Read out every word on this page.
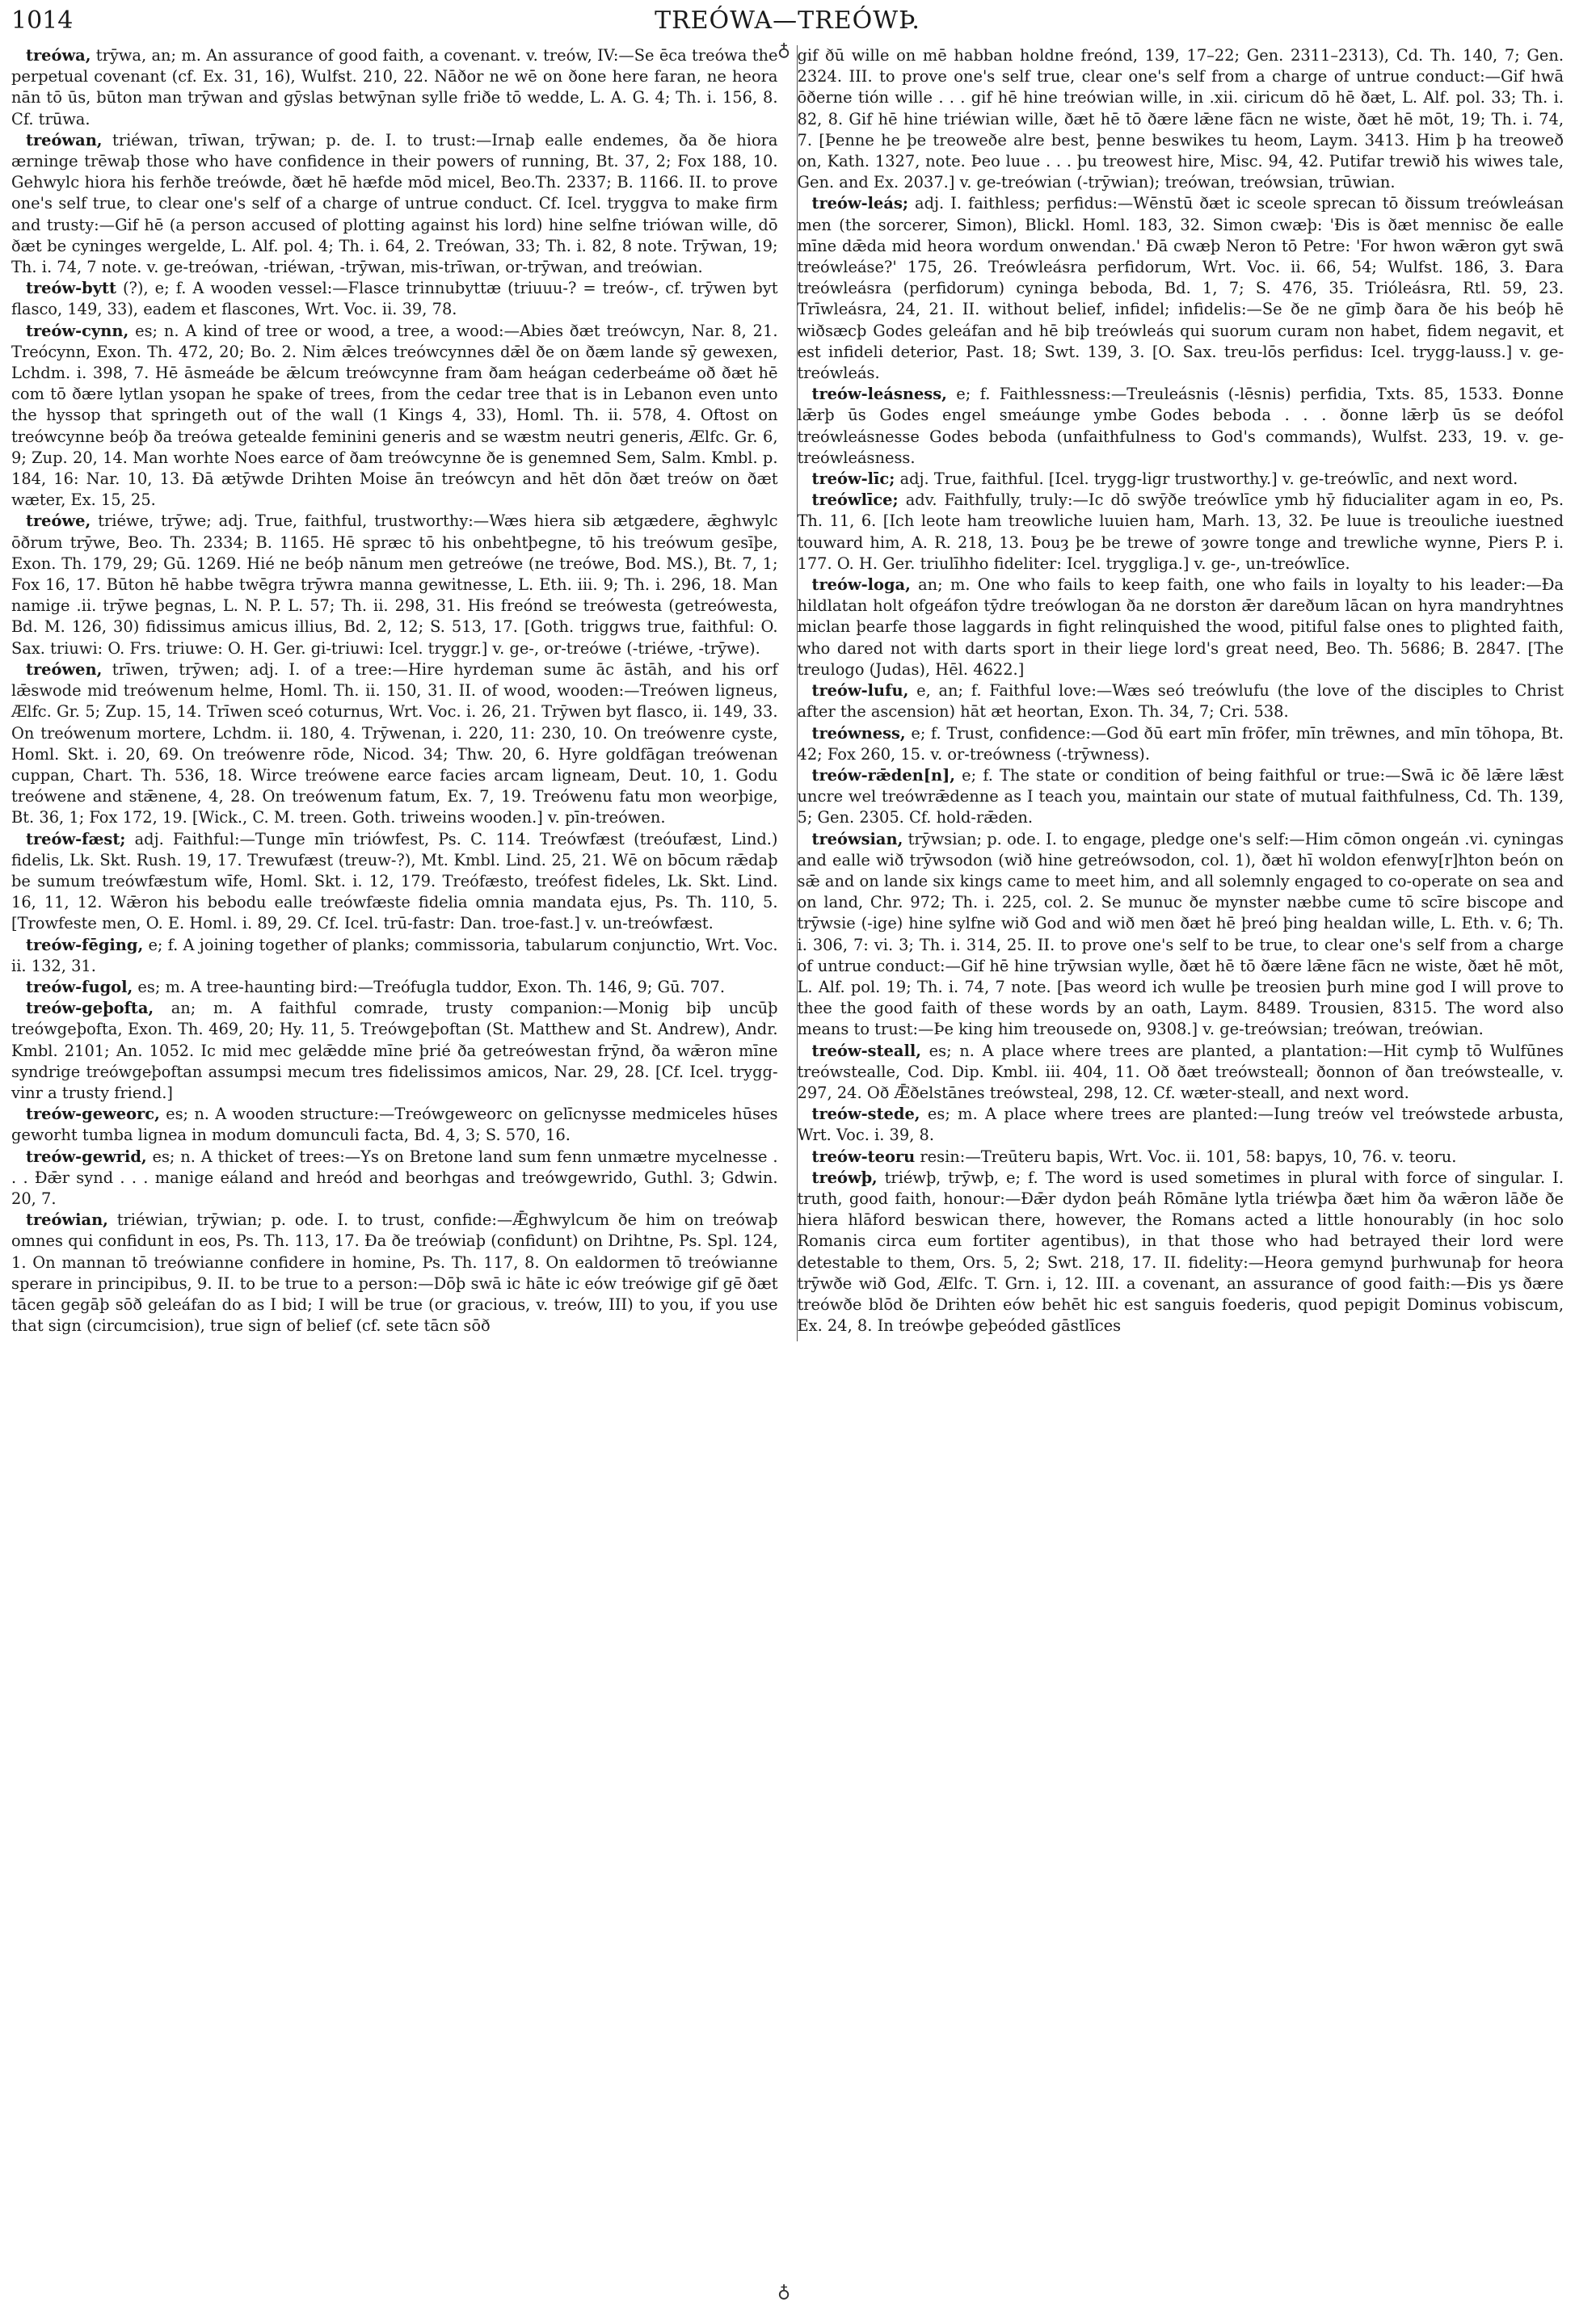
1014	TREÓWA—TREÓWÞ.
♁

treówa, trȳwa, an; m. An assurance of good faith, a covenant. v. treów, IV:—Se ēca treówa the perpetual covenant (cf. Ex. 31, 16), Wulfst. 210, 22. Nāðor ne wē on ðone here faran, ne heora nān tō ūs, būton man trȳwan and gȳslas betwȳnan sylle friðe tō wedde, L. A. G. 4; Th. i. 156, 8. Cf. trūwa.

treówan, triéwan, trīwan, trȳwan; p. de. I. to trust:—Irnaþ ealle endemes, ða ðe hiora ærninge trēwaþ those who have confidence in their powers of running, Bt. 37, 2; Fox 188, 10. Gehwylc hiora his ferhðe treówde, ðæt hē hæfde mōd micel, Beo.Th. 2337; B. 1166. II. to prove one's self true, to clear one's self of a charge of untrue conduct. Cf. Icel. tryggva to make firm and trusty:—Gif hē (a person accused of plotting against his lord) hine selfne triówan wille, dō ðæt be cyninges wergelde, L. Alf. pol. 4; Th. i. 64, 2. Treówan, 33; Th. i. 82, 8 note. Trȳwan, 19; Th. i. 74, 7 note. v. ge-treówan, -triéwan, -trȳwan, mis-trīwan, or-trȳwan, and treówian.

treów-bytt (?), e; f. A wooden vessel:—Flasce trinnubyttæ (triuuu-? = treów-, cf. trȳwen byt flasco, 149, 33), eadem et flascones, Wrt. Voc. ii. 39, 78.

treów-cynn, es; n. A kind of tree or wood, a tree, a wood:—Abies ðæt treówcyn, Nar. 8, 21. Treócynn, Exon. Th. 472, 20; Bo. 2. Nim ǣlces treówcynnes dǣl ðe on ðæm lande sȳ gewexen, Lchdm. i. 398, 7. Hē āsmeáde be ǣlcum treówcynne fram ðam heágan cederbeáme oð ðæt hē com tō ðære lytlan ysopan he spake of trees, from the cedar tree that is in Lebanon even unto the hyssop that springeth out of the wall (1 Kings 4, 33), Homl. Th. ii. 578, 4. Oftost on treówcynne beóþ ða treówa getealde feminini generis and se wæstm neutri generis, Ælfc. Gr. 6, 9; Zup. 20, 14. Man worhte Noes earce of ðam treówcynne ðe is genemned Sem, Salm. Kmbl. p. 184, 16: Nar. 10, 13. Ðā ætȳwde Drihten Moise ān treówcyn and hēt dōn ðæt treów on ðæt wæter, Ex. 15, 25.

treówe, triéwe, trȳwe; adj. True, faithful, trustworthy:—Wæs hiera sib ætgædere, ǣghwylc ōðrum trȳwe, Beo. Th. 2334; B. 1165. Hē spræc tō his onbehtþegne, tō his treówum gesīþe, Exon. Th. 179, 29; Gū. 1269. Hié ne beóþ nānum men getreówe (ne treówe, Bod. MS.), Bt. 7, 1; Fox 16, 17. Būton hē habbe twēgra trȳwra manna gewitnesse, L. Eth. iii. 9; Th. i. 296, 18. Man namige .ii. trȳwe þegnas, L. N. P. L. 57; Th. ii. 298, 31. His freónd se treówesta (getreówesta, Bd. M. 126, 30) fidissimus amicus illius, Bd. 2, 12; S. 513, 17. [Goth. triggws true, faithful: O. Sax. triuwi: O. Frs. triuwe: O. H. Ger. gi-triuwi: Icel. tryggr.] v. ge-, or-treówe (-triéwe, -trȳwe).

treówen, trīwen, trȳwen; adj. I. of a tree:—Hire hyrdeman sume āc āstāh, and his orf lǣswode mid treówenum helme, Homl. Th. ii. 150, 31. II. of wood, wooden:—Treówen ligneus, Ælfc. Gr. 5; Zup. 15, 14. Trīwen sceó coturnus, Wrt. Voc. i. 26, 21. Trȳwen byt flasco, ii. 149, 33. On treówenum mortere, Lchdm. ii. 180, 4. Trȳwenan, i. 220, 11: 230, 10. On treówenre cyste, Homl. Skt. i. 20, 69. On treówenre rōde, Nicod. 34; Thw. 20, 6. Hyre goldfāgan treówenan cuppan, Chart. Th. 536, 18. Wirce treówene earce facies arcam ligneam, Deut. 10, 1. Godu treówene and stǣnene, 4, 28. On treówenum fatum, Ex. 7, 19. Treówenu fatu mon weorþige, Bt. 36, 1; Fox 172, 19. [Wick., C. M. treen. Goth. triweins wooden.] v. pīn-treówen.

treów-fæst; adj. Faithful:—Tunge mīn triówfest, Ps. C. 114. Treówfæst (treóufæst, Lind.) fidelis, Lk. Skt. Rush. 19, 17. Trewufæst (treuw-?), Mt. Kmbl. Lind. 25, 21. Wē on bōcum rǣdaþ be sumum treówfæstum wīfe, Homl. Skt. i. 12, 179. Treófæsto, treófest fideles, Lk. Skt. Lind. 16, 11, 12. Wǣron his bebodu ealle treówfæste fidelia omnia mandata ejus, Ps. Th. 110, 5. [Trowfeste men, O. E. Homl. i. 89, 29. Cf. Icel. trū-fastr: Dan. troe-fast.] v. un-treówfæst.

treów-fēging, e; f. A joining together of planks; commissoria, tabularum conjunctio, Wrt. Voc. ii. 132, 31.

treów-fugol, es; m. A tree-haunting bird:—Treófugla tuddor, Exon. Th. 146, 9; Gū. 707.

treów-geþofta, an; m. A faithful comrade, trusty companion:—Monig biþ uncūþ treówgeþofta, Exon. Th. 469, 20; Hy. 11, 5. Treówgeþoftan (St. Matthew and St. Andrew), Andr. Kmbl. 2101; An. 1052. Ic mid mec gelǣdde mīne þrié ða getreówestan frȳnd, ða wǣron mīne syndrige treówgeþoftan assumpsi mecum tres fidelissimos amicos, Nar. 29, 28. [Cf. Icel. trygg-vinr a trusty friend.]

treów-geweorc, es; n. A wooden structure:—Treówgeweorc on gelīcnysse medmiceles hūses geworht tumba lignea in modum domunculi facta, Bd. 4, 3; S. 570, 16.

treów-gewrid, es; n. A thicket of trees:—Ys on Bretone land sum fenn unmætre mycelnesse . . . Ðǣr synd . . . manige eáland and hreód and beorhgas and treówgewrido, Guthl. 3; Gdwin. 20, 7.

treówian, triéwian, trȳwian; p. ode. I. to trust, confide:—Ǣghwylcum ðe him on treówaþ omnes qui confidunt in eos, Ps. Th. 113, 17. Ða ðe treówiaþ (confidunt) on Drihtne, Ps. Spl. 124, 1. On mannan tō treówianne confidere in homine, Ps. Th. 117, 8. On ealdormen tō treówianne sperare in principibus, 9. II. to be true to a person:—Dōþ swā ic hāte ic eów treówige gif gē ðæt tācen gegāþ sōð geleáfan do as I bid; I will be true (or gracious, v. treów, III) to you, if you use that sign (circumcision), true sign of belief (cf. sete tācn sōð

gif ðū wille on mē habban holdne freónd, 139, 17–22; Gen. 2311–2313), Cd. Th. 140, 7; Gen. 2324. III. to prove one's self true, clear one's self from a charge of untrue conduct:—Gif hwā ōðerne tión wille . . . gif hē hine treówian wille, in .xii. ciricum dō hē ðæt, L. Alf. pol. 33; Th. i. 82, 8. Gif hē hine triéwian wille, ðæt hē tō ðære lǣne fācn ne wiste, ðæt hē mōt, 19; Th. i. 74, 7. [Þenne he þe treoweðe alre best, þenne beswikes tu heom, Laym. 3413. Him þ ha treoweð on, Kath. 1327, note. Þeo luue . . . þu treowest hire, Misc. 94, 42. Putifar trewið his wiwes tale, Gen. and Ex. 2037.] v. ge-treówian (-trȳwian); treówan, treówsian, trūwian.

treów-leás; adj. I. faithless; perfidus:—Wēnstū ðæt ic sceole sprecan tō ðissum treówleásan men (the sorcerer, Simon), Blickl. Homl. 183, 32. Simon cwæþ: 'Ðis is ðæt mennisc ðe ealle mīne dǣda mid heora wordum onwendan.' Ðā cwæþ Neron tō Petre: 'For hwon wǣron gyt swā treówleáse?' 175, 26. Treówleásra perfidorum, Wrt. Voc. ii. 66, 54; Wulfst. 186, 3. Ðara treówleásra (perfidorum) cyninga beboda, Bd. 1, 7; S. 476, 35. Trióleásra, Rtl. 59, 23. Trīwleásra, 24, 21. II. without belief, infidel; infidelis:—Se ðe ne gīmþ ðara ðe his beóþ hē wiðsæcþ Godes geleáfan and hē biþ treówleás qui suorum curam non habet, fidem negavit, et est infideli deterior, Past. 18; Swt. 139, 3. [O. Sax. treu-lōs perfidus: Icel. trygg-lauss.] v. ge-treówleás.

treów-leásness, e; f. Faithlessness:—Treuleásnis (-lēsnis) perfidia, Txts. 85, 1533. Ðonne lǣrþ ūs Godes engel smeáunge ymbe Godes beboda . . . ðonne lǣrþ ūs se deófol treówleásnesse Godes beboda (unfaithfulness to God's commands), Wulfst. 233, 19. v. ge-treówleásness.

treów-līc; adj. True, faithful. [Icel. trygg-ligr trustworthy.] v. ge-treówlīc, and next word.

treówlīce; adv. Faithfully, truly:—Ic dō swȳðe treówlīce ymb hȳ fiducialiter agam in eo, Ps. Th. 11, 6. [Ich leote ham treowliche luuien ham, Marh. 13, 32. Þe luue is treouliche iuestned touward him, A. R. 218, 13. Þouȝ þe be trewe of ȝowre tonge and trewliche wynne, Piers P. i. 177. O. H. Ger. triulīhho fideliter: Icel. tryggliga.] v. ge-, un-treówlīce.

treów-loga, an; m. One who fails to keep faith, one who fails in loyalty to his leader:—Ða hildlatan holt ofgeáfon tȳdre treówlogan ða ne dorston ǣr dareðum lācan on hyra mandryhtnes miclan þearfe those laggards in fight relinquished the wood, pitiful false ones to plighted faith, who dared not with darts sport in their liege lord's great need, Beo. Th. 5686; B. 2847. [The treulogo (Judas), Hēl. 4622.]

treów-lufu, e, an; f. Faithful love:—Wæs seó treówlufu (the love of the disciples to Christ after the ascension) hāt æt heortan, Exon. Th. 34, 7; Cri. 538.

treówness, e; f. Trust, confidence:—God ðū eart mīn frōfer, mīn trēwnes, and mīn tōhopa, Bt. 42; Fox 260, 15. v. or-treówness (-trȳwness).

treów-rǣden[n], e; f. The state or condition of being faithful or true:—Swā ic ðē lǣre lǣst uncre wel treówrǣdenne as I teach you, maintain our state of mutual faithfulness, Cd. Th. 139, 5; Gen. 2305. Cf. hold-rǣden.

treówsian, trȳwsian; p. ode. I. to engage, pledge one's self:—Him cōmon ongeán .vi. cyningas and ealle wið trȳwsodon (wið hine getreówsodon, col. 1), ðæt hī woldon efenwy[r]hton beón on sǣ and on lande six kings came to meet him, and all solemnly engaged to co-operate on sea and on land, Chr. 972; Th. i. 225, col. 2. Se munuc ðe mynster næbbe cume tō scīre biscope and trȳwsie (-ige) hine sylfne wið God and wið men ðæt hē þreó þing healdan wille, L. Eth. v. 6; Th. i. 306, 7: vi. 3; Th. i. 314, 25. II. to prove one's self to be true, to clear one's self from a charge of untrue conduct:—Gif hē hine trȳwsian wylle, ðæt hē tō ðære lǣne fācn ne wiste, ðæt hē mōt, L. Alf. pol. 19; Th. i. 74, 7 note. [Þas weord ich wulle þe treosien þurh mine god I will prove to thee the good faith of these words by an oath, Laym. 8489. Trousien, 8315. The word also means to trust:—Þe king him treousede on, 9308.] v. ge-treówsian; treówan, treówian.

treów-steall, es; n. A place where trees are planted, a plantation:—Hit cymþ tō Wulfūnes treówstealle, Cod. Dip. Kmbl. iii. 404, 11. Oð ðæt treówsteall; ðonnon of ðan treówstealle, v. 297, 24. Oð Ǣðelstānes treówsteal, 298, 12. Cf. wæter-steall, and next word.

treów-stede, es; m. A place where trees are planted:—Iung treów vel treówstede arbusta, Wrt. Voc. i. 39, 8.

treów-teoru resin:—Treūteru bapis, Wrt. Voc. ii. 101, 58: bapys, 10, 76. v. teoru.

treówþ, triéwþ, trȳwþ, e; f. The word is used sometimes in plural with force of singular. I. truth, good faith, honour:—Ðǣr dydon þeáh Rōmāne lytla triéwþa ðæt him ða wǣron lāðe ðe hiera hlāford beswican there, however, the Romans acted a little honourably (in hoc solo Romanis circa eum fortiter agentibus), in that those who had betrayed their lord were detestable to them, Ors. 5, 2; Swt. 218, 17. II. fidelity:—Heora gemynd þurhwunaþ for heora trȳwðe wið God, Ælfc. T. Grn. i, 12. III. a covenant, an assurance of good faith:—Ðis ys ðære treówðe blōd ðe Drihten eów behēt hic est sanguis foederis, quod pepigit Dominus vobiscum, Ex. 24, 8. In treówþe geþeóded gāstlīces

♁
